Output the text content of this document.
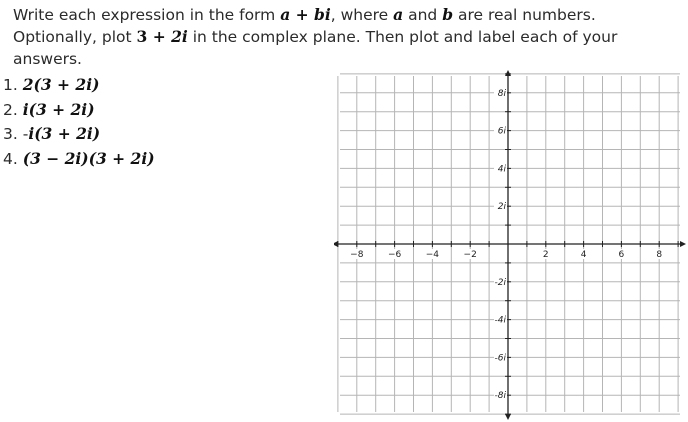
Write each expression in the form a + bi, where a and b are real numbers. Optionally, plot 3 + 2i in the complex plane. Then plot and label each of your answers.

1. 2(3 + 2i)
2. i(3 + 2i)
3. -i(3 + 2i)
4. (3 − 2i)(3 + 2i)
−8	−6	−4	−2	2	4	6	8
8i
6i
4i
2i
-2i
-4i
-6i
-8i
